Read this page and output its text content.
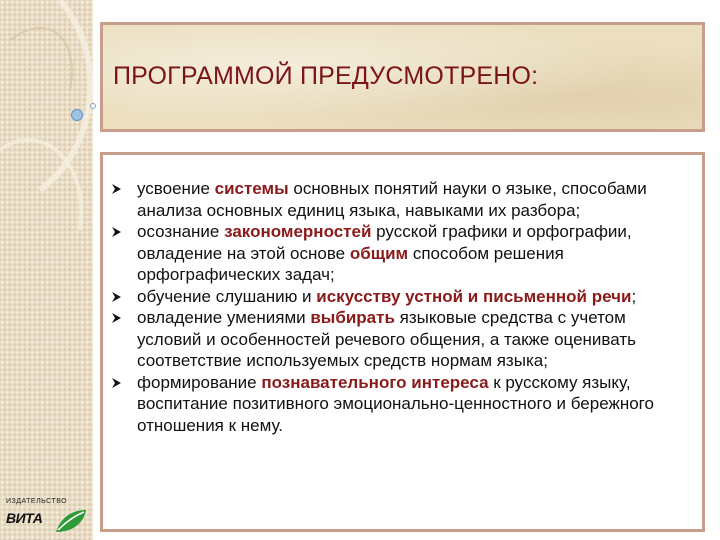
ПРОГРАММОЙ ПРЕДУСМОТРЕНО:
усвоение системы основных понятий науки о языке, способами анализа основных единиц языка, навыками их разбора;
осознание закономерностей русской графики и орфографии, овладение на этой основе общим способом решения орфографических задач;
обучение слушанию и искусству устной и письменной речи;
овладение умениями выбирать языковые средства с учетом условий и особенностей речевого общения, а также оценивать соответствие используемых средств нормам языка;
формирование познавательного интереса к русскому языку, воспитание позитивного эмоционально-ценностного и бережного отношения к нему.
ИЗДАТЕЛЬСТВО
ВИТА
